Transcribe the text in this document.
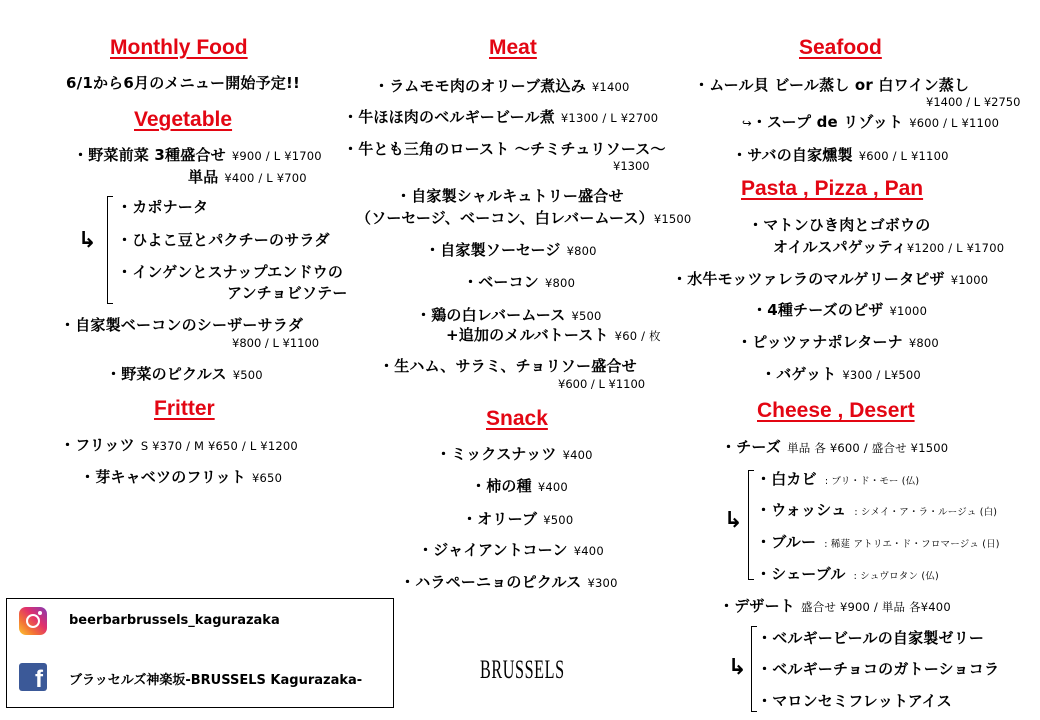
Monthly Food
6/1から6月のメニュー開始予定!!
Vegetable
・野菜前菜 3種盛合せ ¥900 / L ¥1700
単品 ¥400 / L ¥700
↳
・カポナータ
・ひよこ豆とパクチーのサラダ
・インゲンとスナップエンドウの
アンチョビソテー
・自家製ベーコンのシーザーサラダ
¥800 / L ¥1100
・野菜のピクルス ¥500
Fritter
・フリッツ S ¥370 / M ¥650 / L ¥1200
・芽キャベツのフリット ¥650
Meat
・ラムモモ肉のオリーブ煮込み ¥1400
・牛ほほ肉のベルギービール煮 ¥1300 / L ¥2700
・牛とも三角のロースト ～チミチュリソース～
¥1300
・自家製シャルキュトリー盛合せ
（ソーセージ、ベーコン、白レバームース）¥1500
・自家製ソーセージ ¥800
・ベーコン ¥800
・鶏の白レバームース ¥500
+追加のメルバトースト ¥60 / 枚
・生ハム、サラミ、チョリソー盛合せ
¥600 / L ¥1100
Snack
・ミックスナッツ ¥400
・柿の種 ¥400
・オリーブ ¥500
・ジャイアントコーン ¥400
・ハラペーニョのピクルス ¥300
Seafood
・ムール貝 ビール蒸し or 白ワイン蒸し
¥1400 / L ¥2750
↪・スープ de リゾット ¥600 / L ¥1100
・サバの自家燻製 ¥600 / L ¥1100
Pasta , Pizza , Pan
・マトンひき肉とゴボウの
オイルスパゲッティ¥1200 / L ¥1700
・水牛モッツァレラのマルゲリータピザ ¥1000
・4種チーズのピザ ¥1000
・ピッツァナポレターナ ¥800
・バゲット ¥300 / L¥500
Cheese , Desert
・チーズ 単品 各 ¥600 / 盛合せ ¥1500
↳
・白カビ : ブリ・ド・モー (仏)
・ウォッシュ : シメイ・ア・ラ・ルージュ (白)
・ブルー : 稀莚 アトリエ・ド・フロマージュ (日)
・シェーブル : シュヴロタン (仏)
・デザート 盛合せ ¥900 / 単品 各¥400
↳
・ベルギービールの自家製ゼリー
・ベルギーチョコのガトーショコラ
・マロンセミフレットアイス
beerbarbrussels_kagurazaka
f	ブラッセルズ神楽坂-BRUSSELS Kagurazaka-	BRUSSELS
